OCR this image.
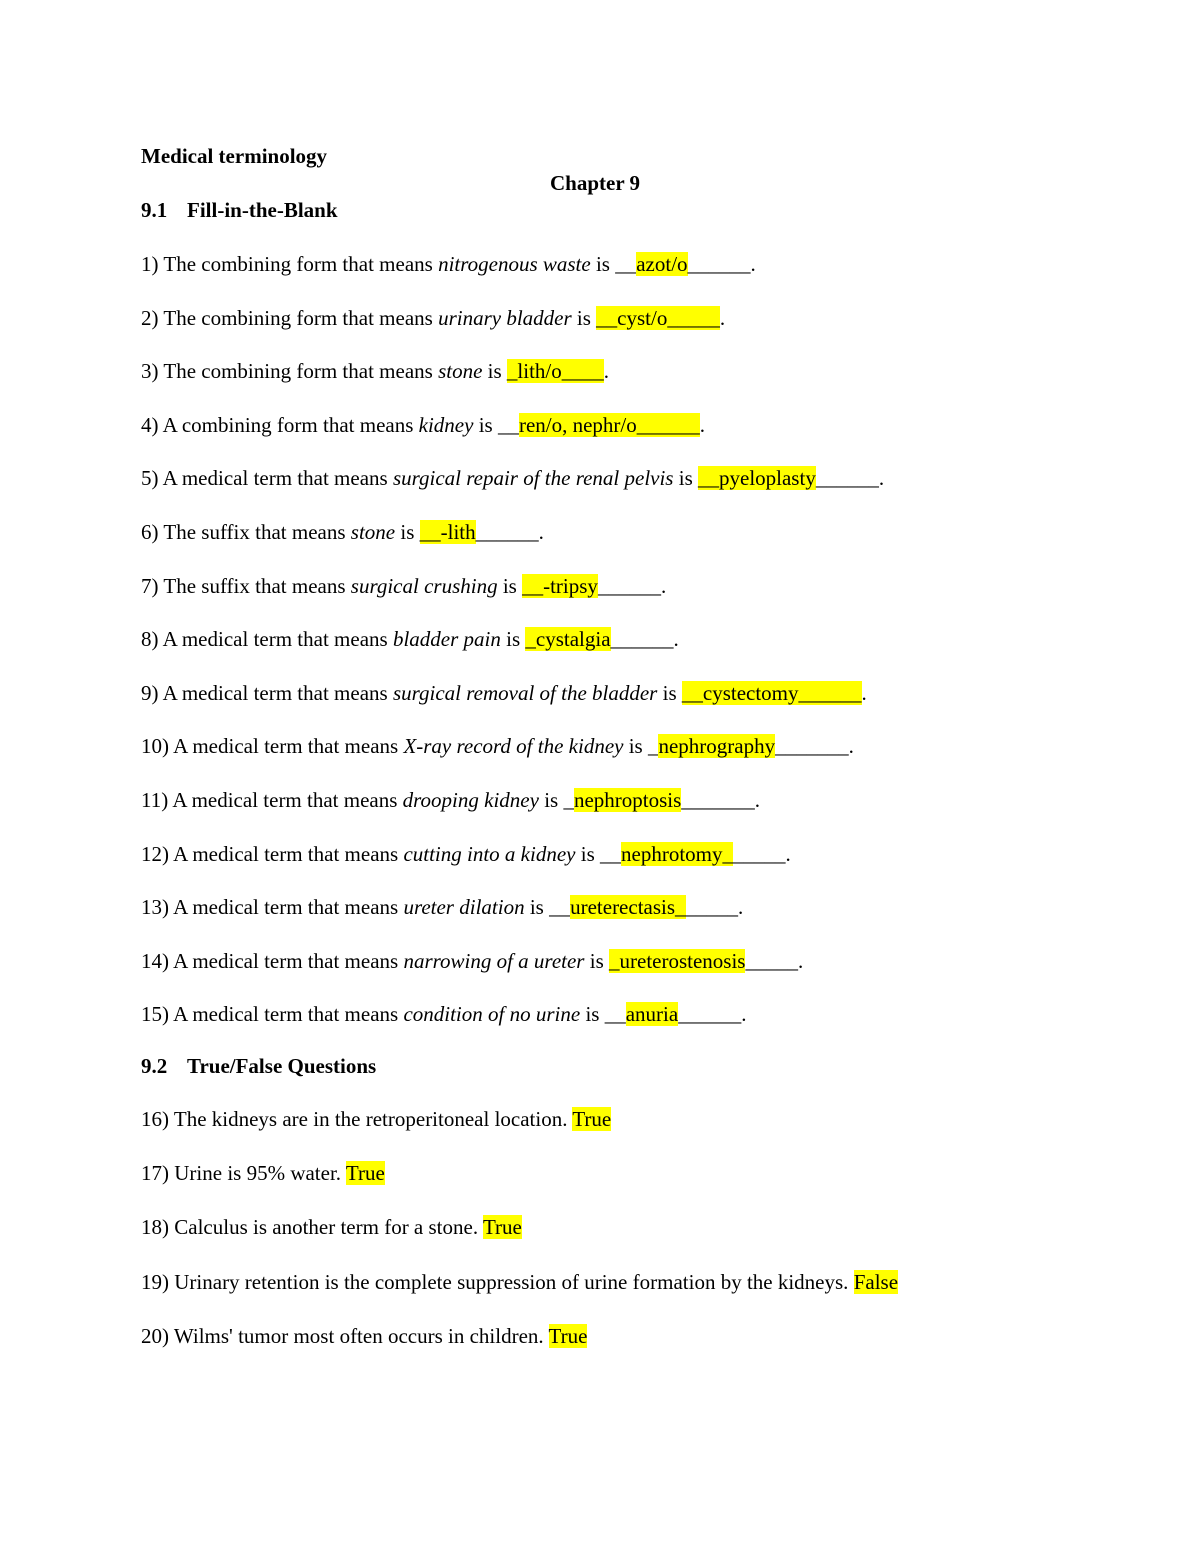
Medical terminology
Chapter 9
9.1 Fill-in-the-Blank
1) The combining form that means nitrogenous waste is __azot/o______.
2) The combining form that means urinary bladder is __cyst/o_____.
3) The combining form that means stone is _lith/o____.
4) A combining form that means kidney is __ren/o, nephr/o______.
5) A medical term that means surgical repair of the renal pelvis is __pyeloplasty______.
6) The suffix that means stone is __-lith______.
7) The suffix that means surgical crushing is __-tripsy______.
8) A medical term that means bladder pain is _cystalgia______.
9) A medical term that means surgical removal of the bladder is __cystectomy______.
10) A medical term that means X-ray record of the kidney is _nephrography_______.
11) A medical term that means drooping kidney is _nephroptosis_______.
12) A medical term that means cutting into a kidney is __nephrotomy______.
13) A medical term that means ureter dilation is __ureterectasis______.
14) A medical term that means narrowing of a ureter is _ureterostenosis_____.
15) A medical term that means condition of no urine is __anuria______.
9.2 True/False Questions
16) The kidneys are in the retroperitoneal location. True
17) Urine is 95% water. True
18) Calculus is another term for a stone. True
19) Urinary retention is the complete suppression of urine formation by the kidneys. False
20) Wilms' tumor most often occurs in children. True
